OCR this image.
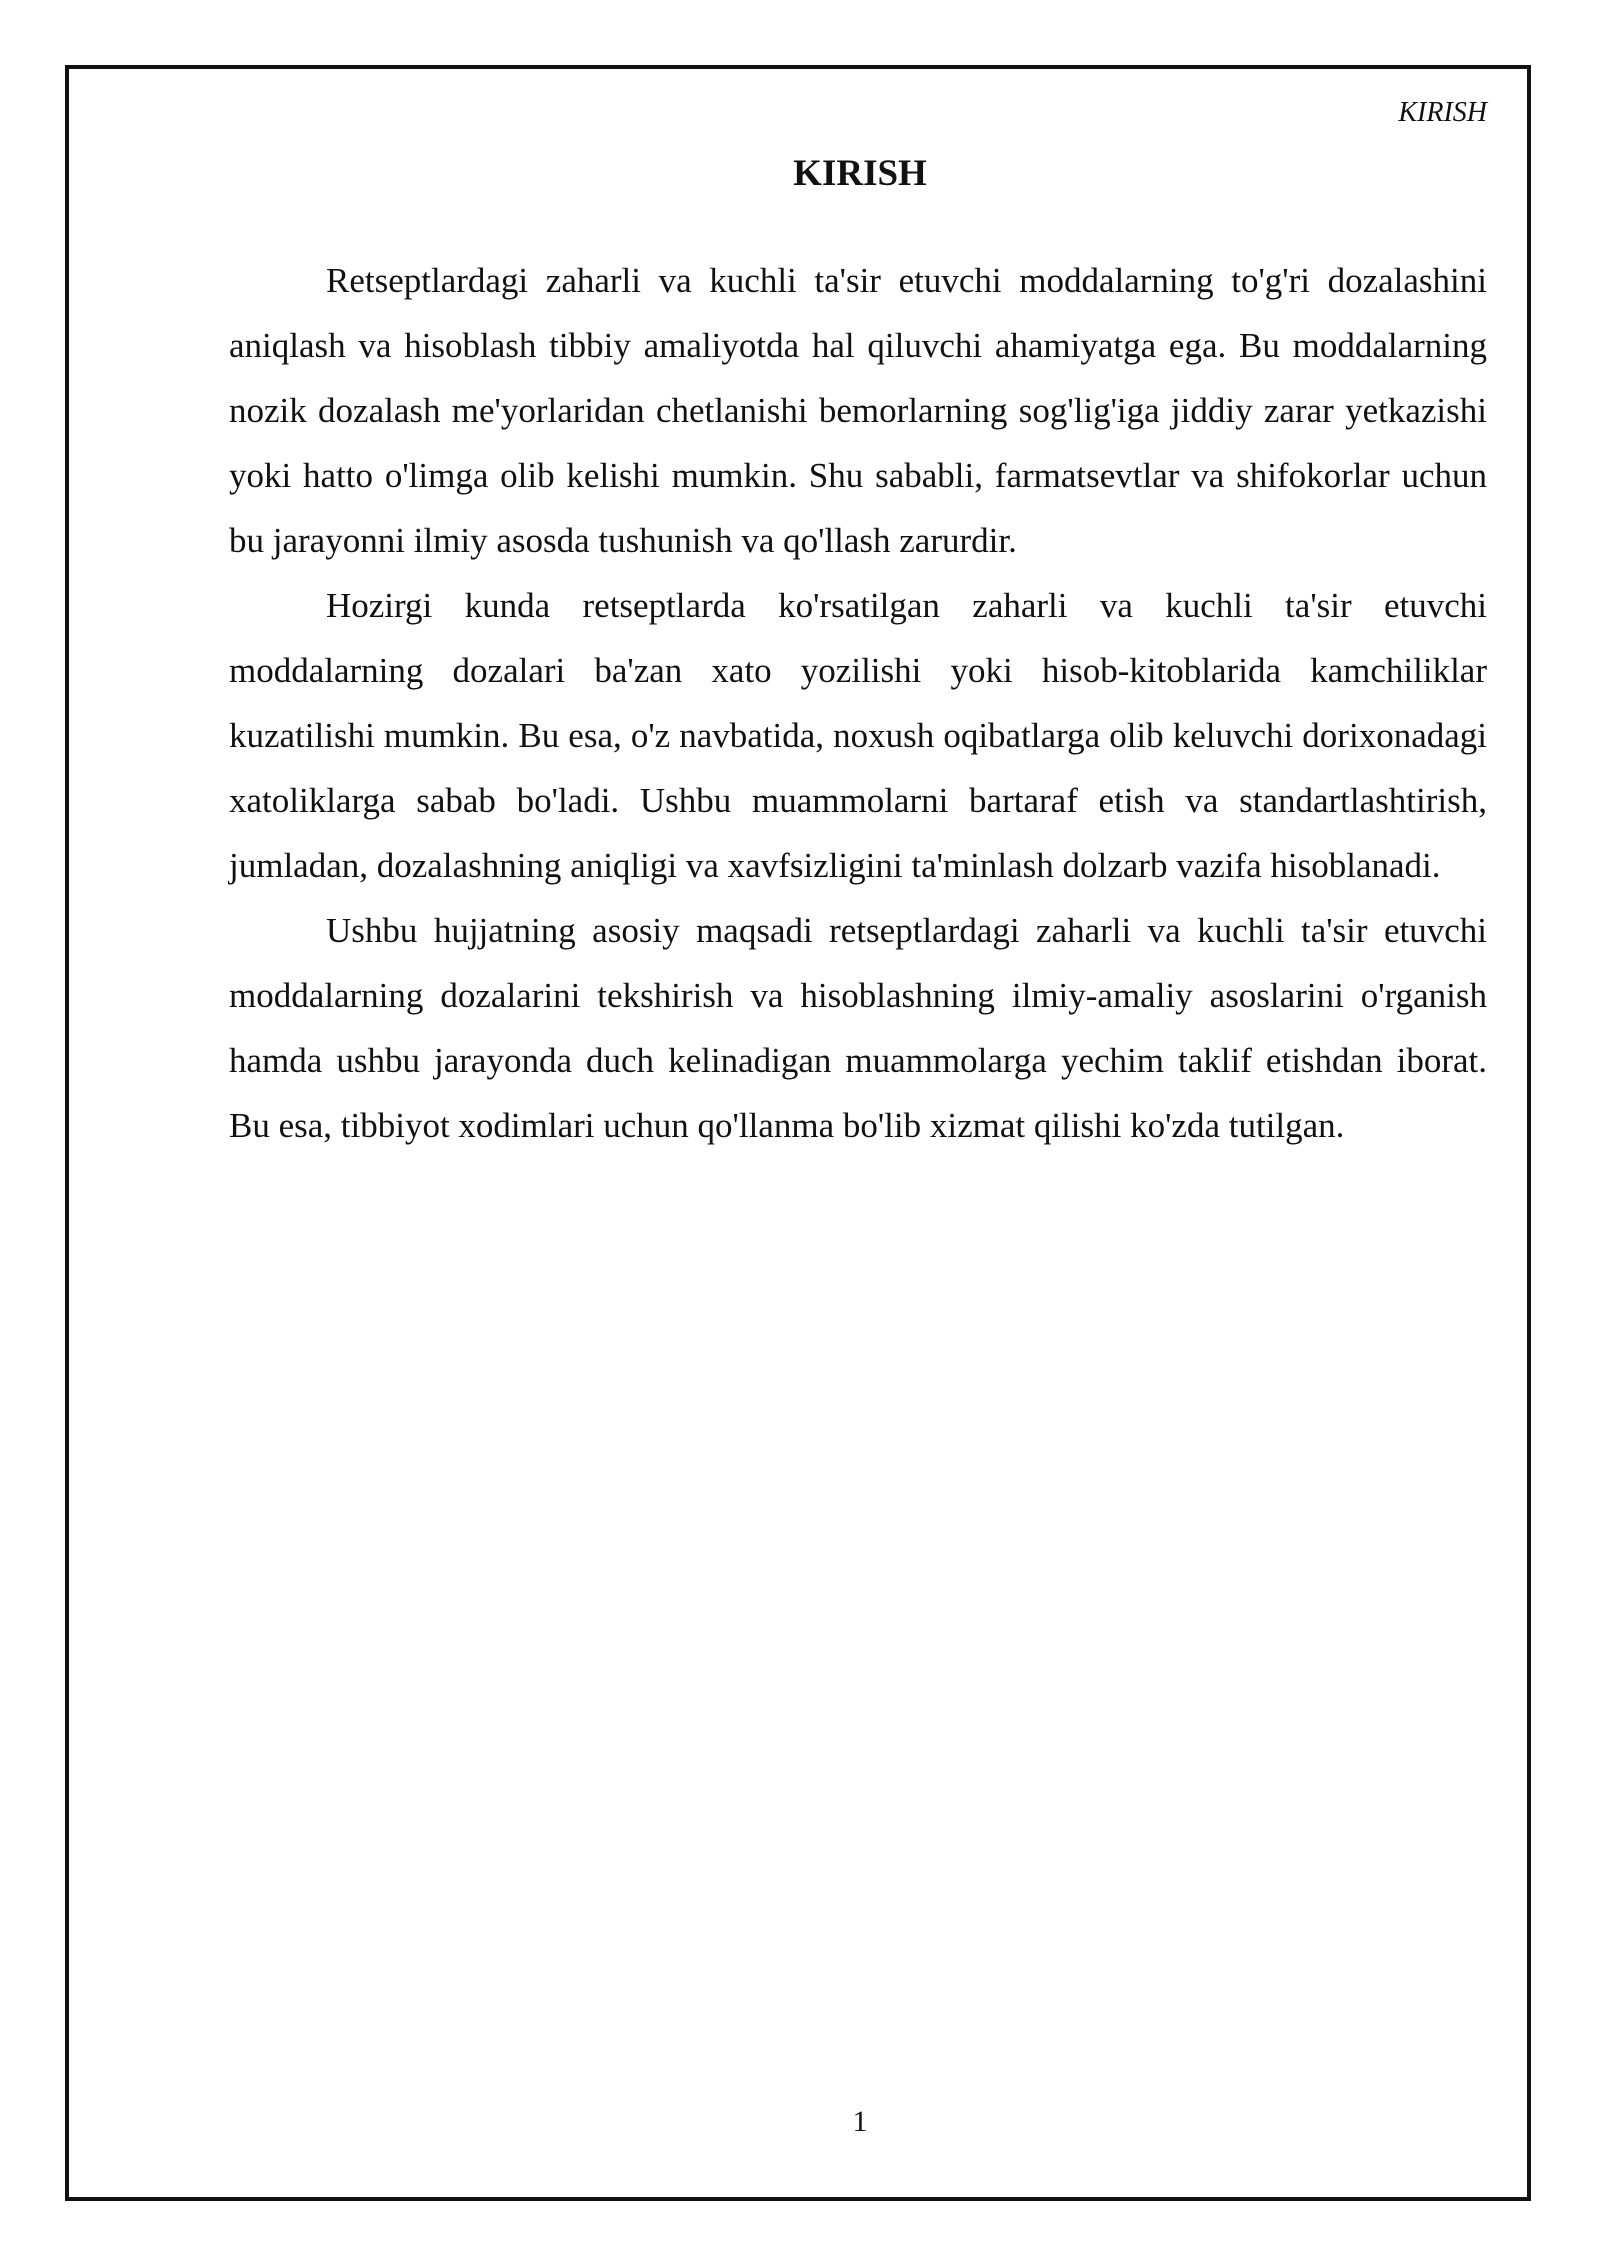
KIRISH
KIRISH

Retseptlardagi zaharli va kuchli ta'sir etuvchi moddalarning to'g'ri dozalashini aniqlash va hisoblash tibbiy amaliyotda hal qiluvchi ahamiyatga ega. Bu moddalarning nozik dozalash me'yorlaridan chetlanishi bemorlarning sog'lig'iga jiddiy zarar yetkazishi yoki hatto o'limga olib kelishi mumkin. Shu sababli, farmatsevtlar va shifokorlar uchun bu jarayonni ilmiy asosda tushunish va qo'llash zarurdir.

Hozirgi kunda retseptlarda ko'rsatilgan zaharli va kuchli ta'sir etuvchi moddalarning dozalari ba'zan xato yozilishi yoki hisob-kitoblarida kamchiliklar kuzatilishi mumkin. Bu esa, o'z navbatida, noxush oqibatlarga olib keluvchi dorixonadagi xatoliklarga sabab bo'ladi. Ushbu muammolarni bartaraf etish va standartlashtirish, jumladan, dozalashning aniqligi va xavfsizligini ta'minlash dolzarb vazifa hisoblanadi.

Ushbu hujjatning asosiy maqsadi retseptlardagi zaharli va kuchli ta'sir etuvchi moddalarning dozalarini tekshirish va hisoblashning ilmiy-amaliy asoslarini o'rganish hamda ushbu jarayonda duch kelinadigan muammolarga yechim taklif etishdan iborat. Bu esa, tibbiyot xodimlari uchun qo'llanma bo'lib xizmat qilishi ko'zda tutilgan.

1
